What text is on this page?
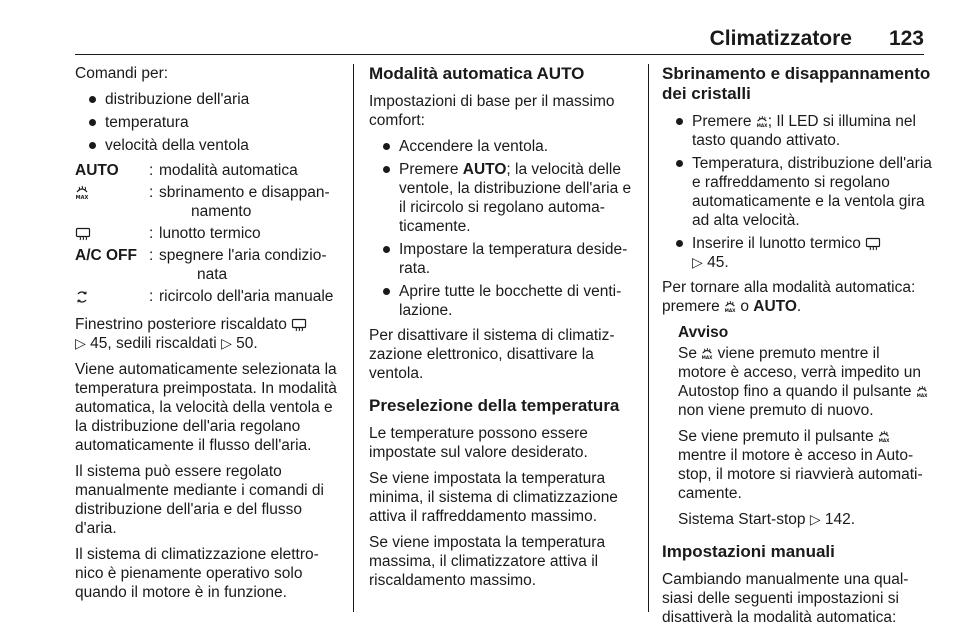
Climatizzatore 123

Comandi per:

distribuzione dell'aria
temperatura
velocità della ventola
AUTO	:	modalità automatica

MAX	:	sbrinamento e disappan-
namento

	:	lunotto termico
A/C OFF	:	spegnere l'aria condizio-
nata

	:	ricircolo dell'aria manuale

Finestrino posteriore riscaldato
▷ 45, sedili riscaldati ▷ 50.

Viene automaticamente selezionata la temperatura preimpostata. In modalità automatica, la velocità della ventola e la distribuzione dell'aria regolano automaticamente il flusso dell'aria.

Il sistema può essere regolato manualmente mediante i comandi di distribuzione dell'aria e del flusso d'aria.

Il sistema di climatizzazione elettro-nico è pienamente operativo solo quando il motore è in funzione.

Modalità automatica AUTO

Impostazioni di base per il massimo comfort:

Accendere la ventola.
Premere AUTO; la velocità delle ventole, la distribuzione dell'aria e il ricircolo si regolano automa-ticamente.
Impostare la temperatura deside-rata.
Aprire tutte le bocchette di venti-lazione.

Per disattivare il sistema di climatiz-zazione elettronico, disattivare la ventola.

Preselezione della temperatura

Le temperature possono essere impostate sul valore desiderato.

Se viene impostata la temperatura minima, il sistema di climatizzazione attiva il raffreddamento massimo.

Se viene impostata la temperatura massima, il climatizzatore attiva il riscaldamento massimo.

Sbrinamento e disappannamento dei cristalli
Premere MAX ; Il LED si illumina nel tasto quando attivato.
Temperatura, distribuzione dell'aria e raffreddamento si regolano automaticamente e la ventola gira ad alta velocità.
Inserire il lunotto termico
▷ 45.

Per tornare alla modalità automatica: premere MAX o AUTO.

Avviso

Se MAX viene premuto mentre il motore è acceso, verrà impedito un Autostop fino a quando il pulsante MAX
non viene premuto di nuovo.

Se viene premuto il pulsante MAX
mentre il motore è acceso in Auto-stop, il motore si riavvierà automati-camente.

Sistema Start-stop ▷ 142.

Impostazioni manuali

Cambiando manualmente una qual-siasi delle seguenti impostazioni si disattiverà la modalità automatica:
